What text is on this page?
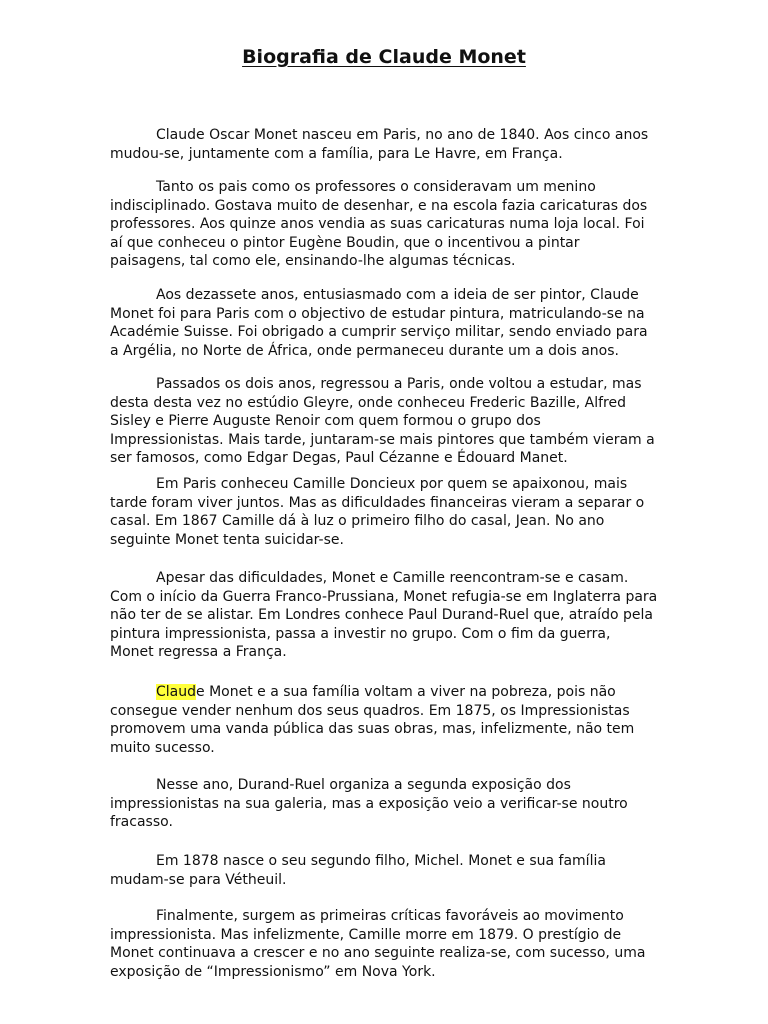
Biografia de Claude Monet

Claude Oscar Monet nasceu em Paris, no ano de 1840. Aos cinco anos mudou-se, juntamente com a família, para Le Havre, em França.

Tanto os pais como os professores o consideravam um menino indisciplinado. Gostava muito de desenhar, e na escola fazia caricaturas dos professores. Aos quinze anos vendia as suas caricaturas numa loja local. Foi aí que conheceu o pintor Eugène Boudin, que o incentivou a pintar paisagens, tal como ele, ensinando-lhe algumas técnicas.

Aos dezassete anos, entusiasmado com a ideia de ser pintor, Claude Monet foi para Paris com o objectivo de estudar pintura, matriculando-se na Académie Suisse. Foi obrigado a cumprir serviço militar, sendo enviado para a Argélia, no Norte de África, onde permaneceu durante um a dois anos.

Passados os dois anos, regressou a Paris, onde voltou a estudar, mas desta desta vez no estúdio Gleyre, onde conheceu Frederic Bazille, Alfred Sisley e Pierre Auguste Renoir com quem formou o grupo dos Impressionistas. Mais tarde, juntaram-se mais pintores que também vieram a ser famosos, como Edgar Degas, Paul Cézanne e Édouard Manet.

Em Paris conheceu Camille Doncieux por quem se apaixonou, mais tarde foram viver juntos. Mas as dificuldades financeiras vieram a separar o casal. Em 1867 Camille dá à luz o primeiro filho do casal, Jean. No ano seguinte Monet tenta suicidar-se.

Apesar das dificuldades, Monet e Camille reencontram-se e casam. Com o início da Guerra Franco-Prussiana, Monet refugia-se em Inglaterra para não ter de se alistar. Em Londres conhece Paul Durand-Ruel que, atraído pela pintura impressionista, passa a investir no grupo. Com o fim da guerra, Monet regressa a França.

Claude Monet e a sua família voltam a viver na pobreza, pois não consegue vender nenhum dos seus quadros. Em 1875, os Impressionistas promovem uma vanda pública das suas obras, mas, infelizmente, não tem muito sucesso.

Nesse ano, Durand-Ruel organiza a segunda exposição dos impressionistas na sua galeria, mas a exposição veio a verificar-se noutro fracasso.

Em 1878 nasce o seu segundo filho, Michel. Monet e sua família mudam-se para Vétheuil.

Finalmente, surgem as primeiras críticas favoráveis ao movimento impressionista. Mas infelizmente, Camille morre em 1879. O prestígio de Monet continuava a crescer e no ano seguinte realiza-se, com sucesso, uma exposição de “Impressionismo” em Nova York.
